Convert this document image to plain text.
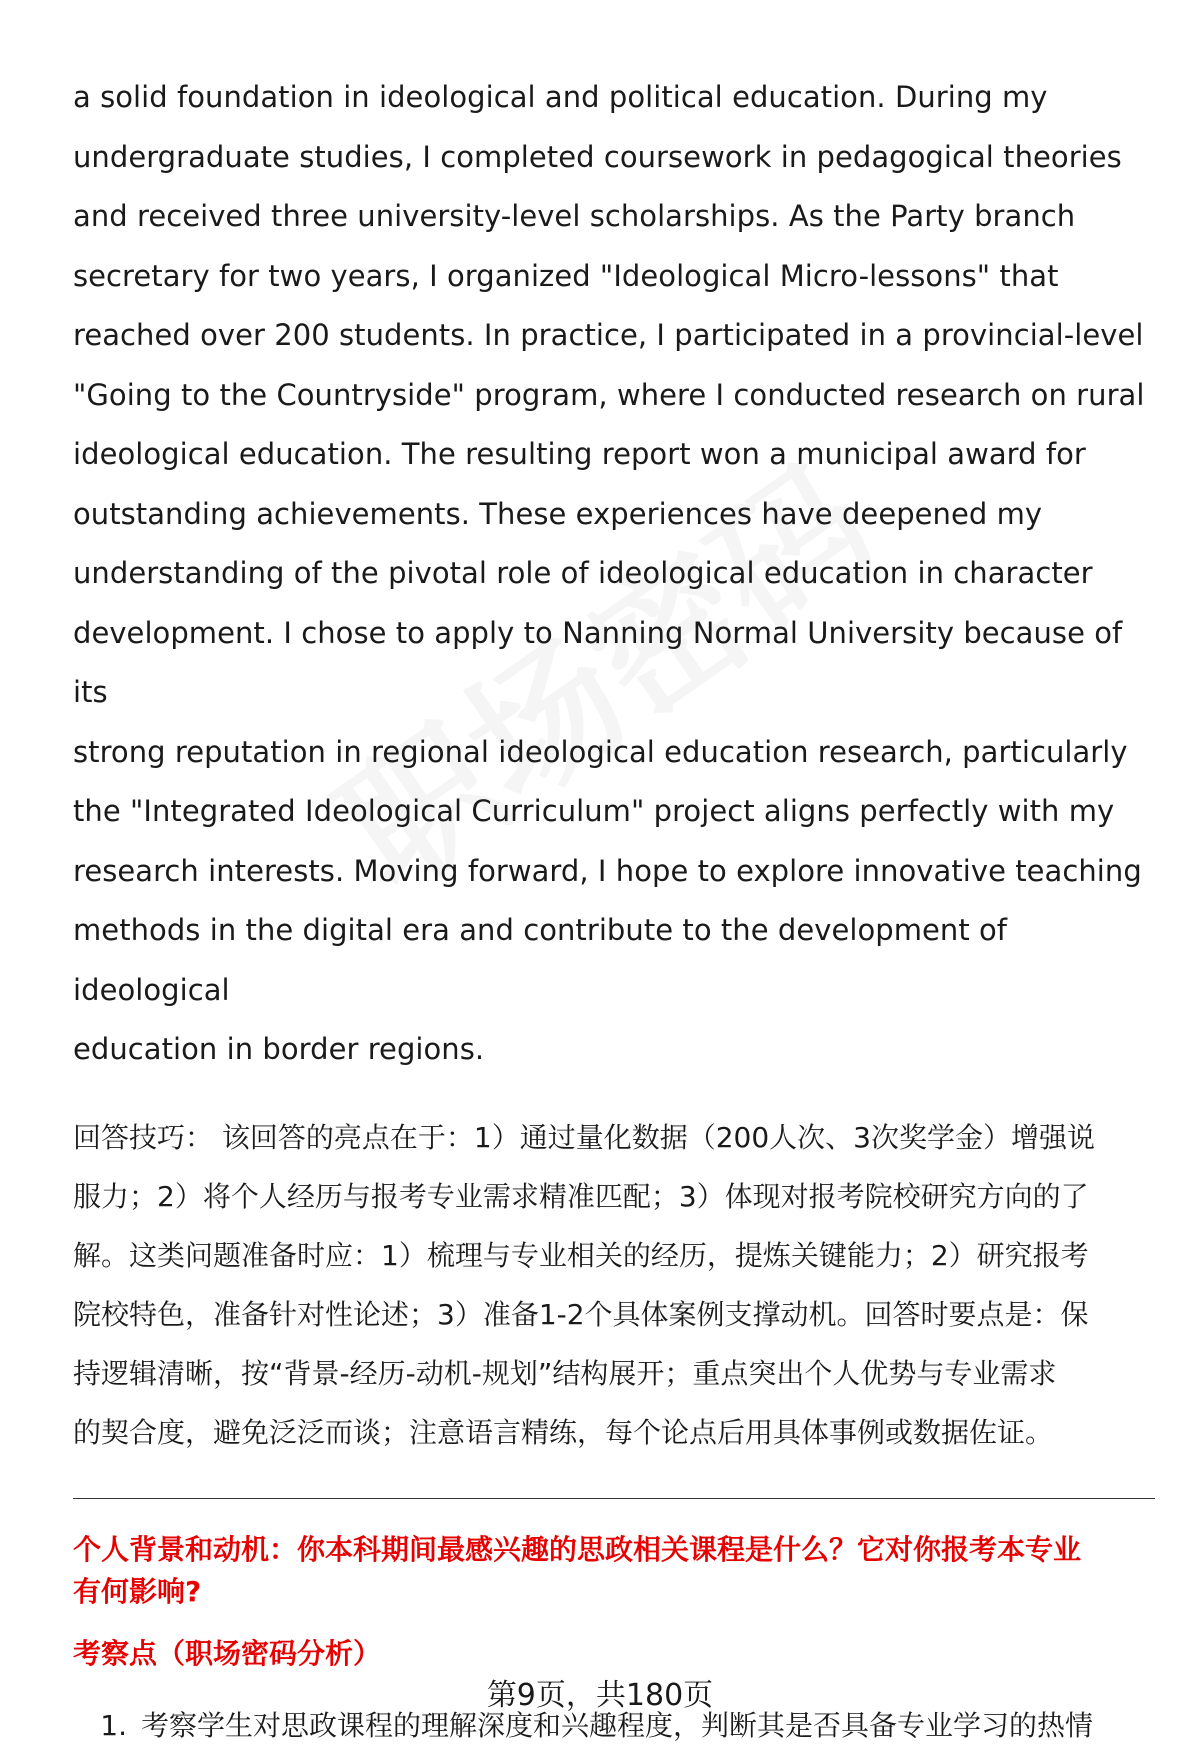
a solid foundation in ideological and political education. During my
undergraduate studies, I completed coursework in pedagogical theories
and received three university-level scholarships. As the Party branch
secretary for two years, I organized "Ideological Micro-lessons" that
reached over 200 students. In practice, I participated in a provincial-level
"Going to the Countryside" program, where I conducted research on rural
ideological education. The resulting report won a municipal award for
outstanding achievements. These experiences have deepened my
understanding of the pivotal role of ideological education in character
development. I chose to apply to Nanning Normal University because of its
strong reputation in regional ideological education research, particularly
the "Integrated Ideological Curriculum" project aligns perfectly with my
research interests. Moving forward, I hope to explore innovative teaching
methods in the digital era and contribute to the development of ideological
education in border regions.
回答技巧： 该回答的亮点在于：1）通过量化数据（200人次、3次奖学金）增强说
服力；2）将个人经历与报考专业需求精准匹配；3）体现对报考院校研究方向的了
解。这类问题准备时应：1）梳理与专业相关的经历，提炼关键能力；2）研究报考
院校特色，准备针对性论述；3）准备1-2个具体案例支撑动机。回答时要点是：保
持逻辑清晰，按“背景-经历-动机-规划”结构展开；重点突出个人优势与专业需求
的契合度，避免泛泛而谈；注意语言精练，每个论点后用具体事例或数据佐证。
个人背景和动机：你本科期间最感兴趣的思政相关课程是什么？它对你报考本专业
有何影响?
考察点（职场密码分析）
1. 考察学生对思政课程的理解深度和兴趣程度，判断其是否具备专业学习的热情
第9页，共180页
